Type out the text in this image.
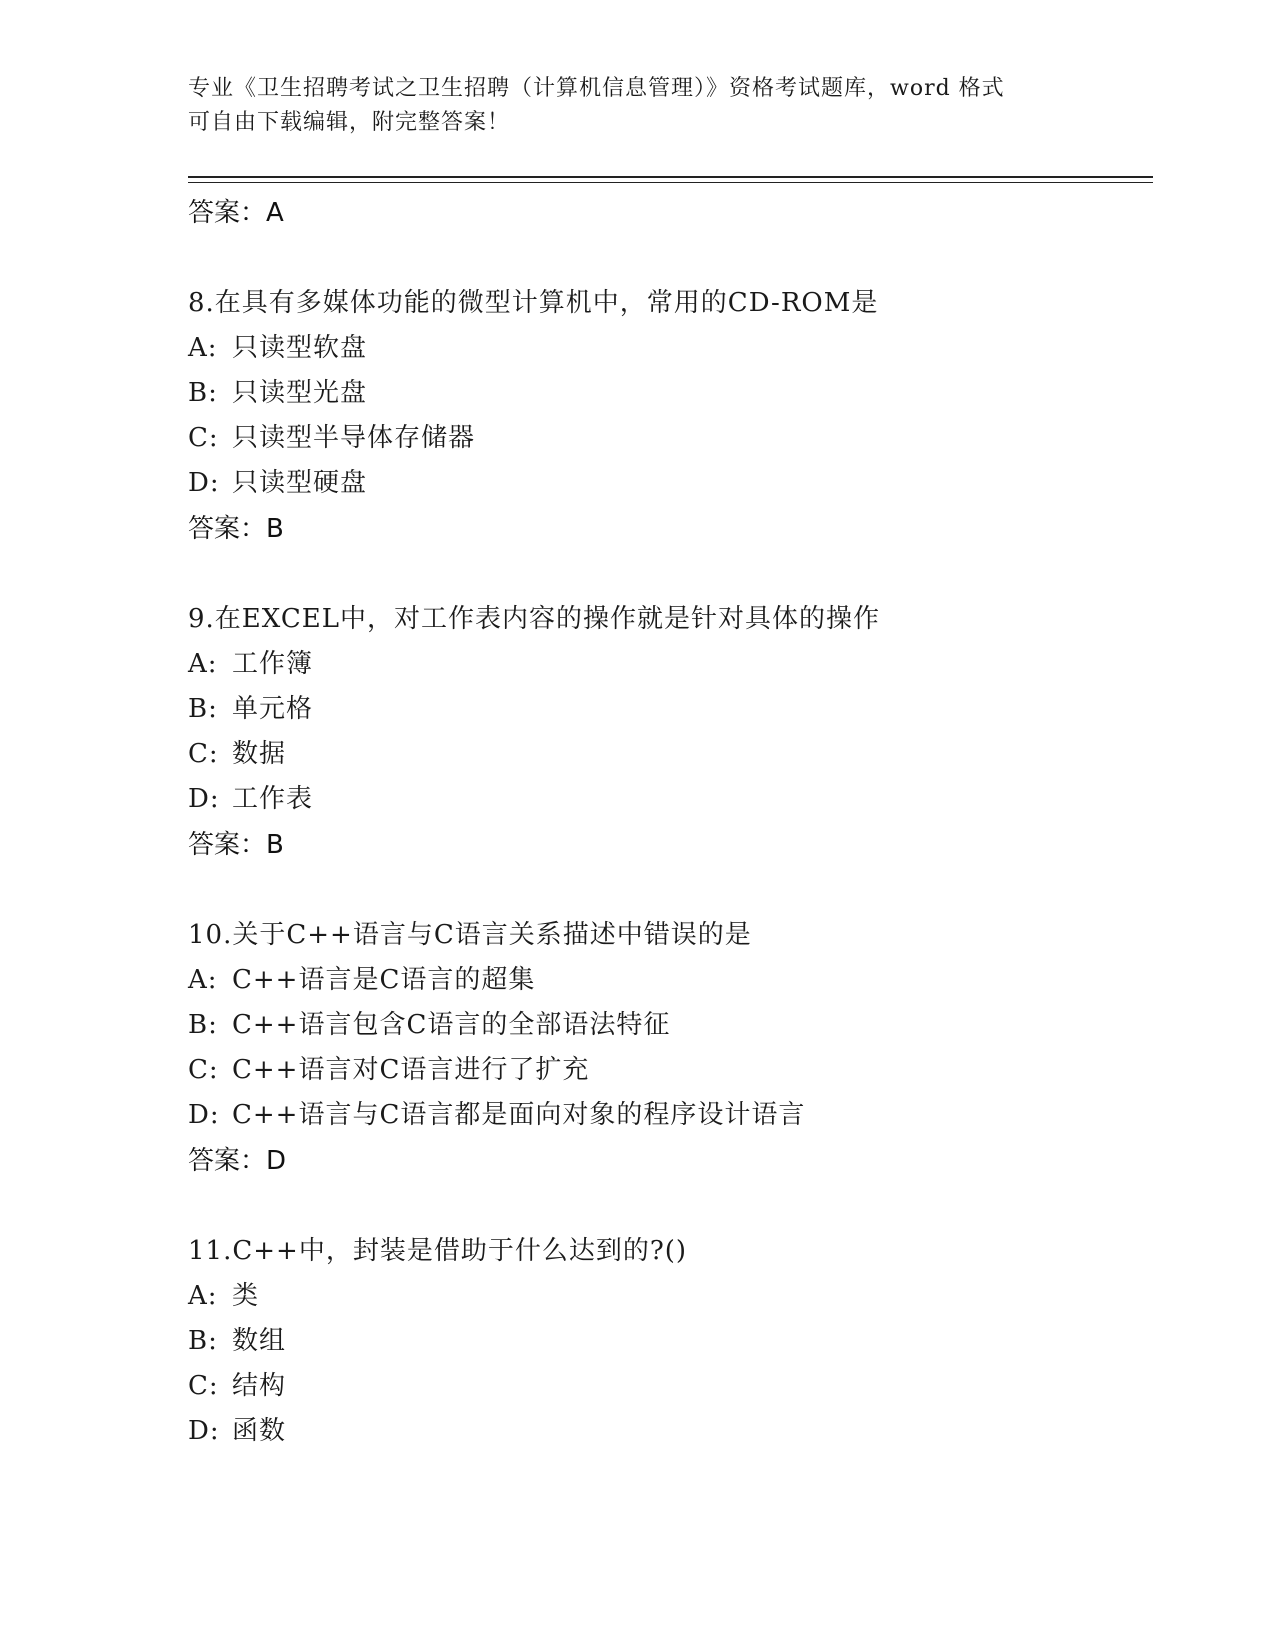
专业《卫生招聘考试之卫生招聘（计算机信息管理）》资格考试题库，word 格式
可自由下载编辑，附完整答案！
答案：A
8.在具有多媒体功能的微型计算机中，常用的CD-ROM是
A: 只读型软盘
B: 只读型光盘
C: 只读型半导体存储器
D: 只读型硬盘
答案：B
9.在EXCEL中，对工作表内容的操作就是针对具体的操作
A: 工作簿
B: 单元格
C: 数据
D: 工作表
答案：B
10.关于C++语言与C语言关系描述中错误的是
A: C++语言是C语言的超集
B: C++语言包含C语言的全部语法特征
C: C++语言对C语言进行了扩充
D: C++语言与C语言都是面向对象的程序设计语言
答案：D
11.C++中，封装是借助于什么达到的?()
A: 类
B: 数组
C: 结构
D: 函数
